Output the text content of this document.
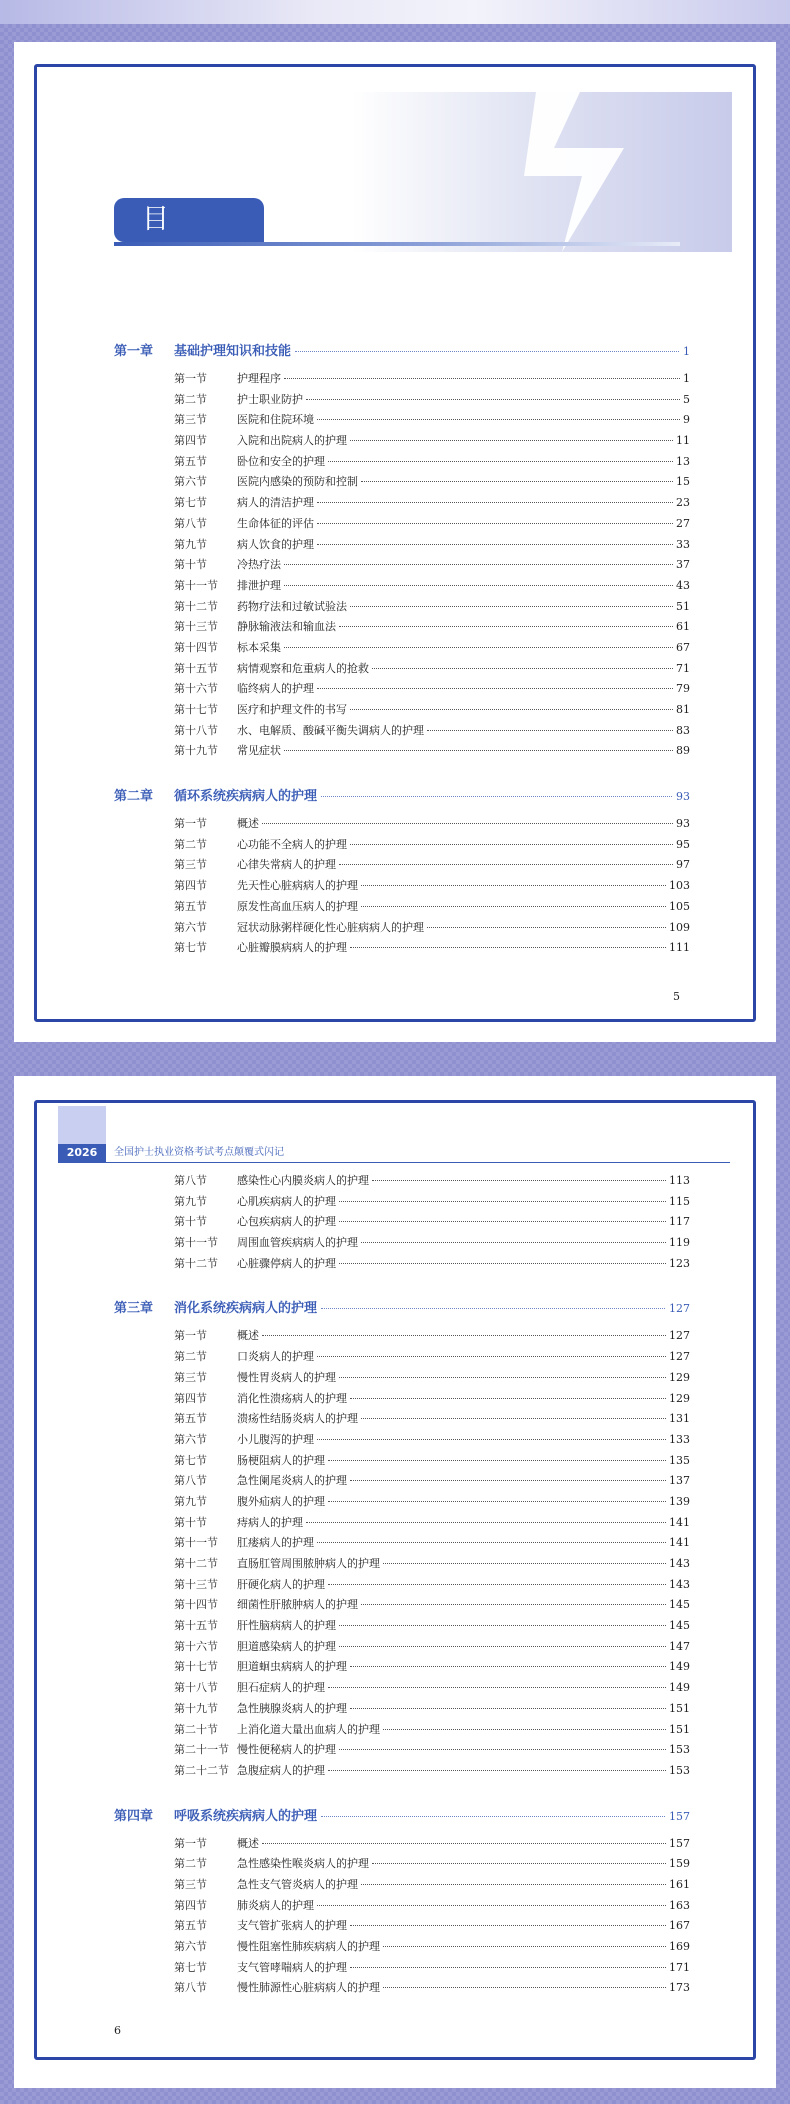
目 录
第一章	基础护理知识和技能	1
第一节	护理程序	1
第二节	护士职业防护	5
第三节	医院和住院环境	9
第四节	入院和出院病人的护理	11
第五节	卧位和安全的护理	13
第六节	医院内感染的预防和控制	15
第七节	病人的清洁护理	23
第八节	生命体征的评估	27
第九节	病人饮食的护理	33
第十节	冷热疗法	37
第十一节	排泄护理	43
第十二节	药物疗法和过敏试验法	51
第十三节	静脉输液法和输血法	61
第十四节	标本采集	67
第十五节	病情观察和危重病人的抢救	71
第十六节	临终病人的护理	79
第十七节	医疗和护理文件的书写	81
第十八节	水、电解质、酸碱平衡失调病人的护理	83
第十九节	常见症状	89
第二章	循环系统疾病病人的护理	93
第一节	概述	93
第二节	心功能不全病人的护理	95
第三节	心律失常病人的护理	97
第四节	先天性心脏病病人的护理	103
第五节	原发性高血压病人的护理	105
第六节	冠状动脉粥样硬化性心脏病病人的护理	109
第七节	心脏瓣膜病病人的护理	111
5
2026	全国护士执业资格考试考点颠覆式闪记
第八节	感染性心内膜炎病人的护理	113
第九节	心肌疾病病人的护理	115
第十节	心包疾病病人的护理	117
第十一节	周围血管疾病病人的护理	119
第十二节	心脏骤停病人的护理	123
第三章	消化系统疾病病人的护理	127
第一节	概述	127
第二节	口炎病人的护理	127
第三节	慢性胃炎病人的护理	129
第四节	消化性溃疡病人的护理	129
第五节	溃疡性结肠炎病人的护理	131
第六节	小儿腹泻的护理	133
第七节	肠梗阻病人的护理	135
第八节	急性阑尾炎病人的护理	137
第九节	腹外疝病人的护理	139
第十节	痔病人的护理	141
第十一节	肛瘘病人的护理	141
第十二节	直肠肛管周围脓肿病人的护理	143
第十三节	肝硬化病人的护理	143
第十四节	细菌性肝脓肿病人的护理	145
第十五节	肝性脑病病人的护理	145
第十六节	胆道感染病人的护理	147
第十七节	胆道蛔虫病病人的护理	149
第十八节	胆石症病人的护理	149
第十九节	急性胰腺炎病人的护理	151
第二十节	上消化道大量出血病人的护理	151
第二十一节 慢性便秘病人的护理	153
第二十二节 急腹症病人的护理	153
第四章	呼吸系统疾病病人的护理	157
第一节	概述	157
第二节	急性感染性喉炎病人的护理	159
第三节	急性支气管炎病人的护理	161
第四节	肺炎病人的护理	163
第五节	支气管扩张病人的护理	167
第六节	慢性阻塞性肺疾病病人的护理	169
第七节	支气管哮喘病人的护理	171
第八节	慢性肺源性心脏病病人的护理	173
6
